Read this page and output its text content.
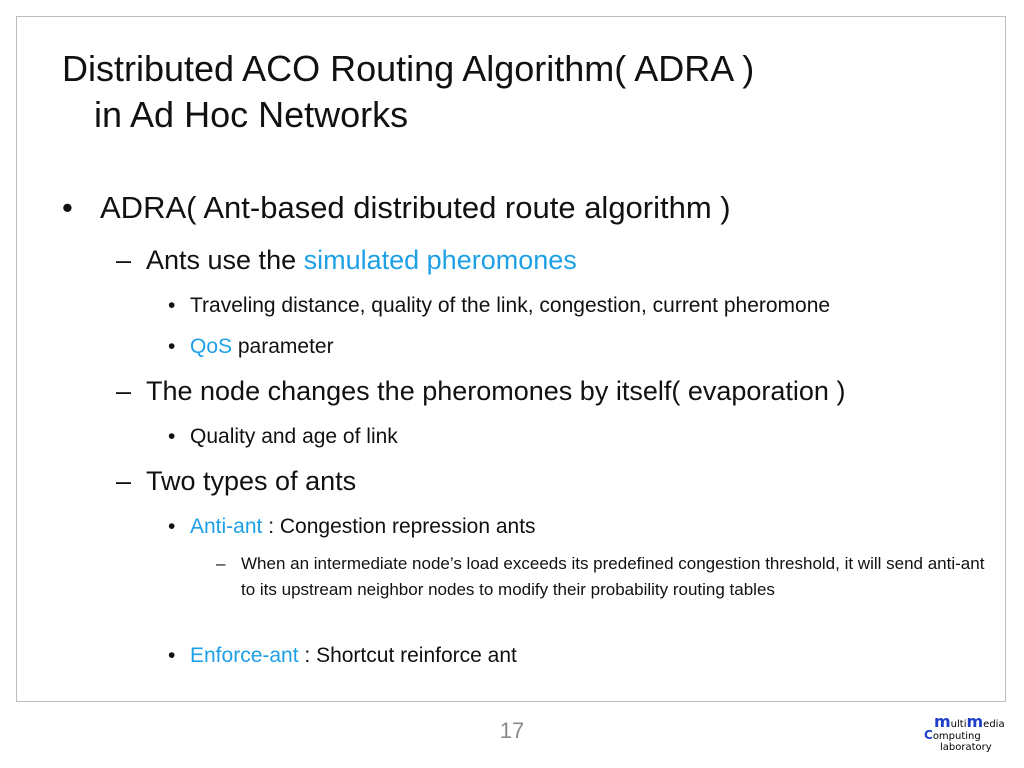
Distributed ACO Routing Algorithm( ADRA )
in Ad Hoc Networks
• ADRA( Ant-based distributed route algorithm )
– Ants use the simulated pheromones
• Traveling distance, quality of the link, congestion, current pheromone
• QoS parameter
– The node changes the pheromones by itself( evaporation )
• Quality and age of link
– Two types of ants
• Anti-ant : Congestion repression ants
– When an intermediate node’s load exceeds its predefined congestion threshold, it will send anti-ant to its upstream neighbor nodes to modify their probability routing tables
• Enforce-ant : Shortcut reinforce ant
17	multimedia
Computing
laboratory
